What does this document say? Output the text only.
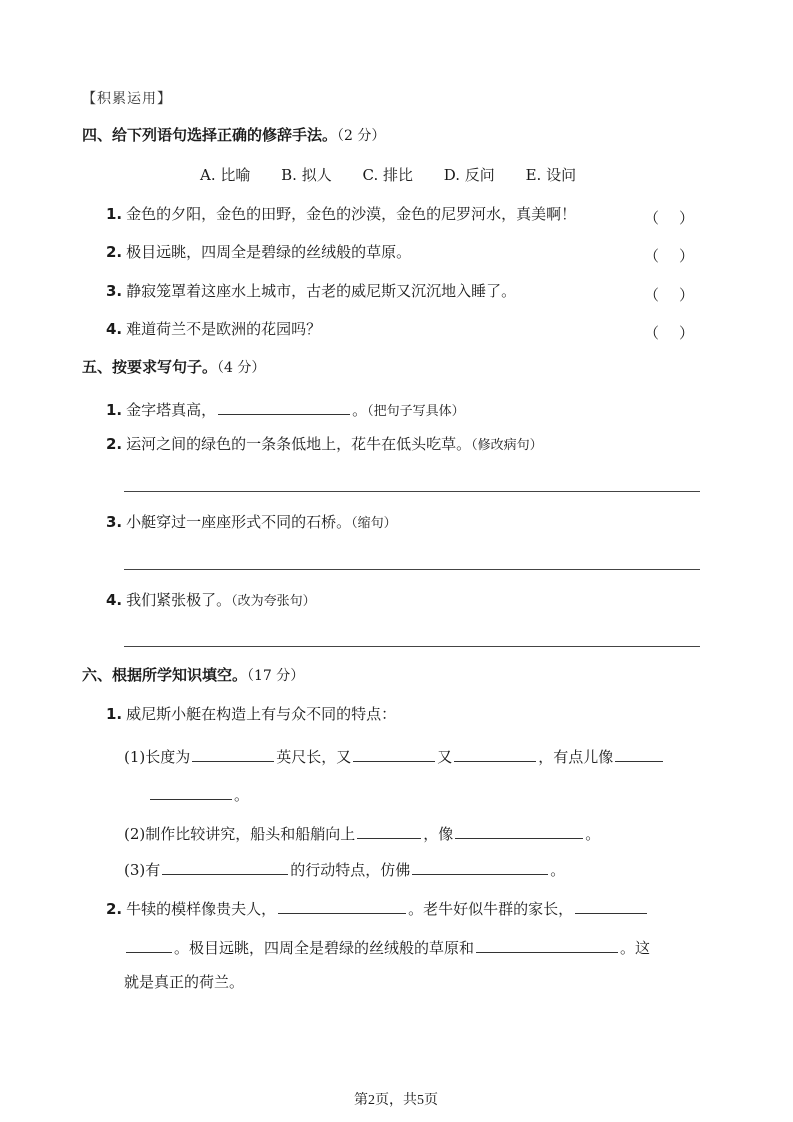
【积累运用】
四、给下列语句选择正确的修辞手法。（2 分）
A. 比喻 B. 拟人 C. 排比 D. 反问 E. 设问
1. 金色的夕阳，金色的田野，金色的沙漠，金色的尼罗河水，真美啊！	（ ）
2. 极目远眺，四周全是碧绿的丝绒般的草原。	（ ）
3. 静寂笼罩着这座水上城市，古老的威尼斯又沉沉地入睡了。	（ ）
4. 难道荷兰不是欧洲的花园吗？	（ ）
五、按要求写句子。（4 分）
1. 金字塔真高，	。（把句子写具体）
2. 运河之间的绿色的一条条低地上，花牛在低头吃草。（修改病句）
3. 小艇穿过一座座形式不同的石桥。（缩句）
4. 我们紧张极了。（改为夸张句）
六、根据所学知识填空。（17 分）
1. 威尼斯小艇在构造上有与众不同的特点：
(1)长度为	英尺长，又	又	，有点儿像
。
(2)制作比较讲究，船头和船艄向上	，像	。
(3)有	的行动特点，仿佛	。
2. 牛犊的模样像贵夫人，	。老牛好似牛群的家长，
。极目远眺，四周全是碧绿的丝绒般的草原和	。这
就是真正的荷兰。
第2页，共5页
